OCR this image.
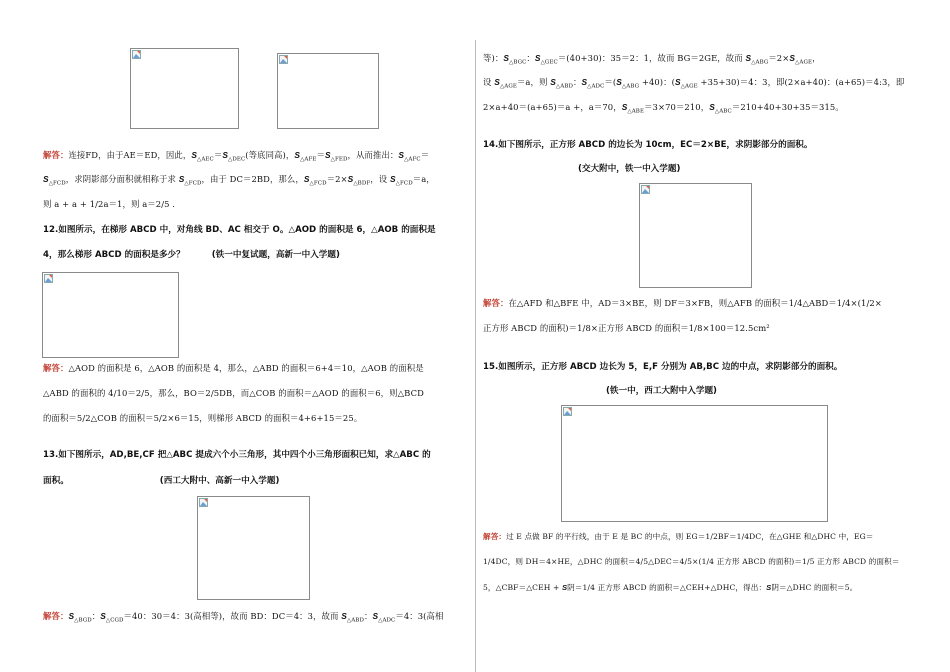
解答：连接FD，由于AE＝ED，因此，$S_{\triangle AEC}=S_{\triangle DEC}$(等底同高)，$S_{\triangle AFE}=S_{\triangle FED}$，从而推出：$S_{\triangle AFC}=$
$S_{\triangle FCD}$，求阴影部分面积就相称于求 $S_{\triangle FCD}$，由于 DC＝2BD，那么，$S_{\triangle FCD}=2\times S_{\triangle BDF}$，设 $S_{\triangle FCD}=a$，
则 a + a + 1/2a＝1，则 a＝2/5 .
12.如图所示，在梯形 ABCD 中，对角线 BD、AC 相交于 O。△AOD 的面积是 6，△AOB 的面积是
4，那么梯形 ABCD 的面积是多少？	(铁一中复试题，高新一中入学题)
解答：△AOD 的面积是 6，△AOB 的面积是 4，那么，△ABD 的面积＝6+4＝10，△AOB 的面积是
△ABD 的面积的 4/10＝2/5，那么，BO＝2/5DB，而△COB 的面积＝△AOD 的面积＝6，则△BCD
的面积＝5/2△COB 的面积＝5/2×6＝15，则梯形 ABCD 的面积＝4+6+15＝25。
13.如下图所示，AD,BE,CF 把△ABC 提成六个小三角形，其中四个小三角形面积已知，求△ABC 的
面积。	(西工大附中、高新一中入学题)
解答：$S_{\triangle BGD}$：$S_{\triangle CGD}=40$：30＝4：3(高相等)，故而 BD：DC＝4：3，故而 $S_{\triangle ABD}$：$S_{\triangle ADC}=4$：3(高相
等)：$S_{\triangle BGC}$：$S_{\triangle GEC}=(40+30)$：35＝2：1，故而 BG＝2GE，故而 $S_{\triangle ABG}=2\times S_{\triangle AGE}$，
设 $S_{\triangle AGE}=a$，则 $S_{\triangle ABD}$：$S_{\triangle ADC}=(S_{\triangle ABG} +40)$：$(S_{\triangle AGE} +35+30)=4$：3，即(2×a+40)：(a+65)＝4:3，即
2×a+40＝(a+65)＝a +，a＝70，$S_{\triangle ABE}=3\times 70=210$，$S_{\triangle ABC}=210+40+30+35=315$。
14.如下图所示，正方形 ABCD 的边长为 10cm，EC＝2×BE，求阴影部分的面积。
(交大附中，铁一中入学题)
解答：在△AFD 和△BFE 中，AD＝3×BE，则 DF＝3×FB，则△AFB 的面积＝1/4△ABD＝1/4×(1/2×
正方形 ABCD 的面积)＝1/8×正方形 ABCD 的面积＝1/8×100＝12.5cm²
15.如图所示，正方形 ABCD 边长为 5，E,F 分别为 AB,BC 边的中点，求阴影部分的面积。
(铁一中，西工大附中入学题)
解答：过 E 点做 BF 的平行线，由于 E 是 BC 的中点，则 EG＝1/2BF＝1/4DC，在△GHE 和△DHC 中，EG＝
1/4DC，则 DH＝4×HE，△DHC 的面积＝4/5△DEC＝4/5×(1/4 正方形 ABCD 的面积)＝1/5 正方形 ABCD 的面积＝
5，△CBF＝△CEH + S阴＝1/4 正方形 ABCD 的面积＝△CEH+△DHC，得出：S阴＝△DHC 的面积＝5。
